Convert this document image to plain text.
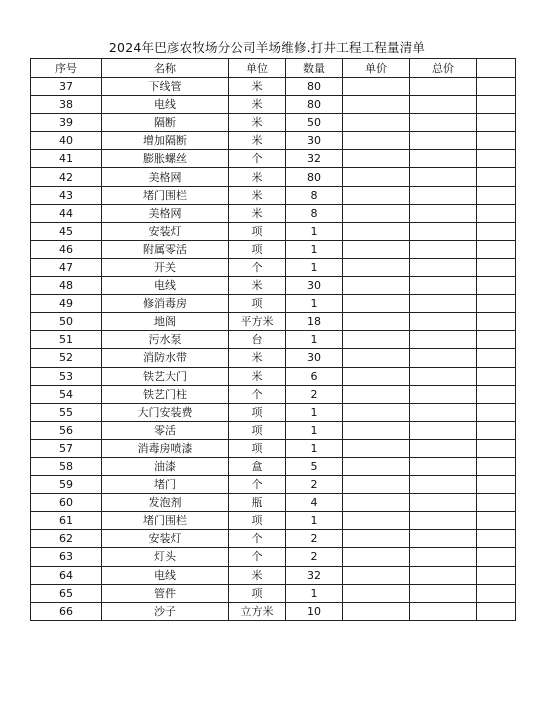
2024年巴彦农牧场分公司羊场维修.打井工程工程量清单
序号	名称	单位	数量	单价	总价	
37	下线管	米	80			
38	电线	米	80			
39	隔断	米	50			
40	增加隔断	米	30			
41	膨胀螺丝	个	32			
42	美格网	米	80			
43	堵门围栏	米	8			
44	美格网	米	8			
45	安装灯	项	1			
46	附属零活	项	1			
47	开关	个	1			
48	电线	米	30			
49	修消毒房	项	1			
50	地阁	平方米	18			
51	污水泵	台	1			
52	消防水带	米	30			
53	铁艺大门	米	6			
54	铁艺门柱	个	2			
55	大门安装费	项	1			
56	零活	项	1			
57	消毒房喷漆	项	1			
58	油漆	盒	5			
59	堵门	个	2			
60	发泡剂	瓶	4			
61	堵门围栏	项	1			
62	安装灯	个	2			
63	灯头	个	2			
64	电线	米	32			
65	管件	项	1			
66	沙子	立方米	10			
